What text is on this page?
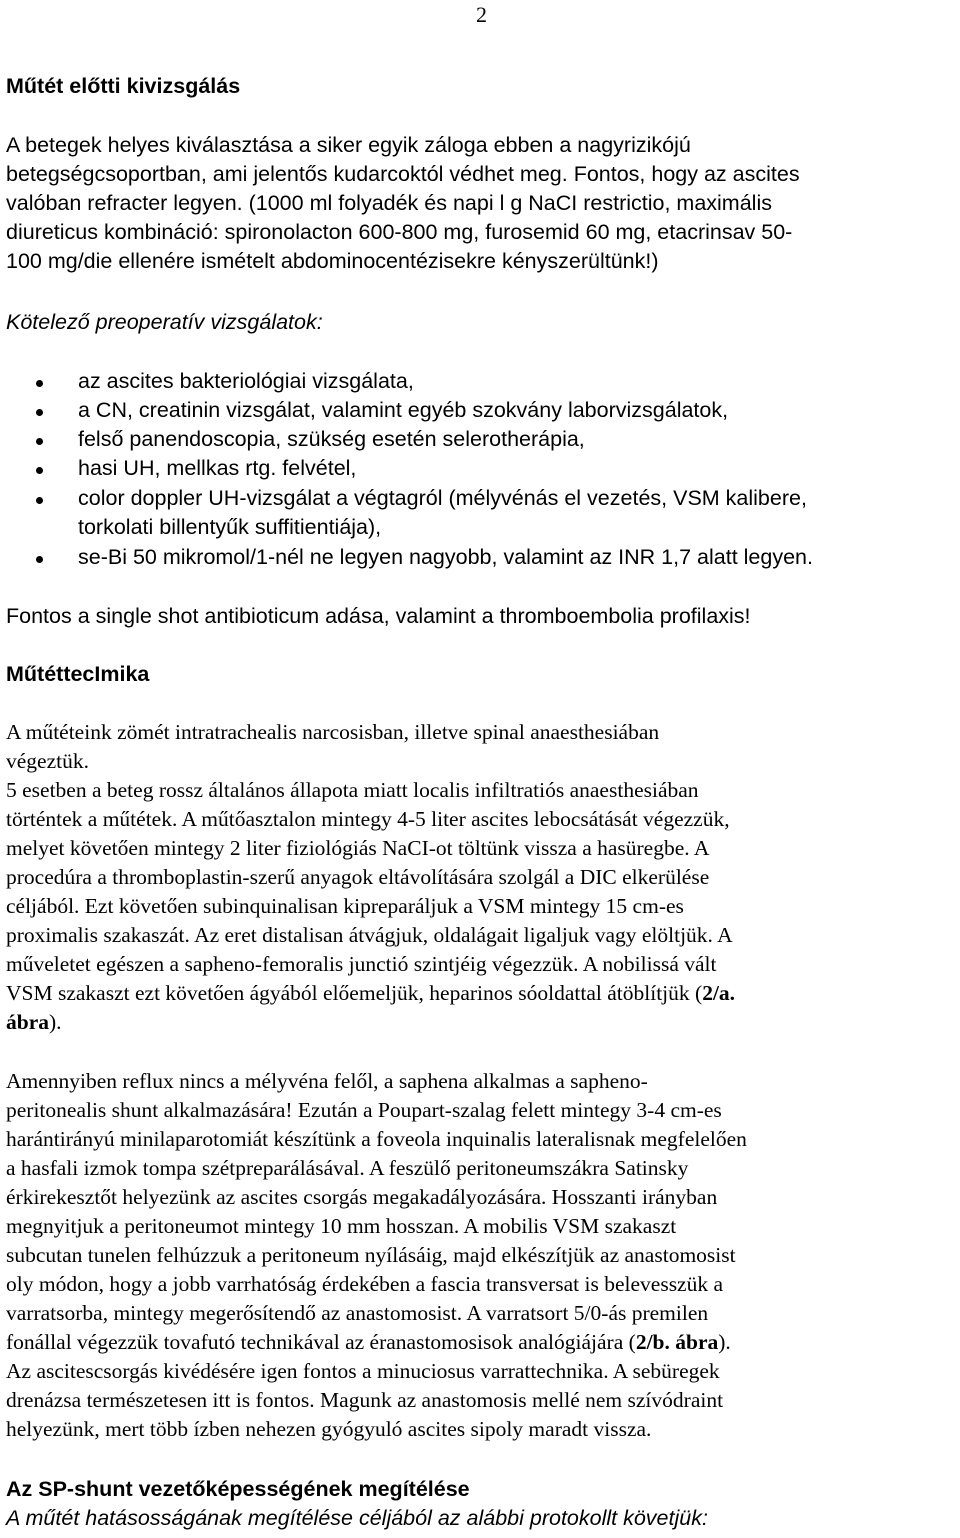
2
Műtét előtti kivizsgálás
A betegek helyes kiválasztása a siker egyik záloga ebben a nagyrizikójú
betegségcsoportban, ami jelentős kudarcoktól védhet meg. Fontos, hogy az ascites
valóban refracter legyen. (1000 ml folyadék és napi l g NaCI restrictio, maximális
diureticus kombináció: spironolacton 600-800 mg, furosemid 60 mg, etacrinsav 50-
100 mg/die ellenére ismételt abdominocentézisekre kényszerültünk!)
Kötelező preoperatív vizsgálatok:
az ascites bakteriológiai vizsgálata,
a CN, creatinin vizsgálat, valamint egyéb szokvány laborvizsgálatok,
felső panendoscopia, szükség esetén selerotherápia,
hasi UH, mellkas rtg. felvétel,
color doppler UH-vizsgálat a végtagról (mélyvénás el vezetés, VSM kalibere,
torkolati billentyűk suffitientiája),
se-Bi 50 mikromol/1-nél ne legyen nagyobb, valamint az INR 1,7 alatt legyen.
Fontos a single shot antibioticum adása, valamint a thromboembolia profilaxis!
MűtéttecImika
A műtéteink zömét intratrachealis narcosisban, illetve spinal anaesthesiában
végeztük.
5 esetben a beteg rossz általános állapota miatt localis infiltratiós anaesthesiában
történtek a műtétek. A műtőasztalon mintegy 4-5 liter ascites lebocsátását végezzük,
melyet követően mintegy 2 liter fiziológiás NaCI-ot töltünk vissza a hasüregbe. A
procedúra a thromboplastin-szerű anyagok eltávolítására szolgál a DIC elkerülése
céljából. Ezt követően subinquinalisan kipreparáljuk a VSM mintegy 15 cm-es
proximalis szakaszát. Az eret distalisan átvágjuk, oldalágait ligaljuk vagy elöltjük. A
műveletet egészen a sapheno-femoralis junctió szintjéig végezzük. A nobilissá vált
VSM szakaszt ezt követően ágyából előemeljük, heparinos sóoldattal átöblítjük (2/a.
ábra).
Amennyiben reflux nincs a mélyvéna felől, a saphena alkalmas a sapheno-
peritonealis shunt alkalmazására! Ezután a Poupart-szalag felett mintegy 3-4 cm-es
harántirányú minilaparotomiát készítünk a foveola inquinalis lateralisnak megfelelően
a hasfali izmok tompa szétpreparálásával. A feszülő peritoneumszákra Satinsky
érkirekesztőt helyezünk az ascites csorgás megakadályozására. Hosszanti irányban
megnyitjuk a peritoneumot mintegy 10 mm hosszan. A mobilis VSM szakaszt
subcutan tunelen felhúzzuk a peritoneum nyílásáig, majd elkészítjük az anastomosist
oly módon, hogy a jobb varrhatóság érdekében a fascia transversat is belevesszük a
varratsorba, mintegy megerősítendő az anastomosist. A varratsort 5/0-ás premilen
fonállal végezzük tovafutó technikával az éranastomosisok analógiájára (2/b. ábra).
Az ascitescsorgás kivédésére igen fontos a minuciosus varrattechnika. A sebüregek
drenázsa természetesen itt is fontos. Magunk az anastomosis mellé nem szívódraint
helyezünk, mert több ízben nehezen gyógyuló ascites sipoly maradt vissza.
Az SP-shunt vezetőképességének megítélése
A műtét hatásosságának megítélése céljából az alábbi protokollt követjük:
